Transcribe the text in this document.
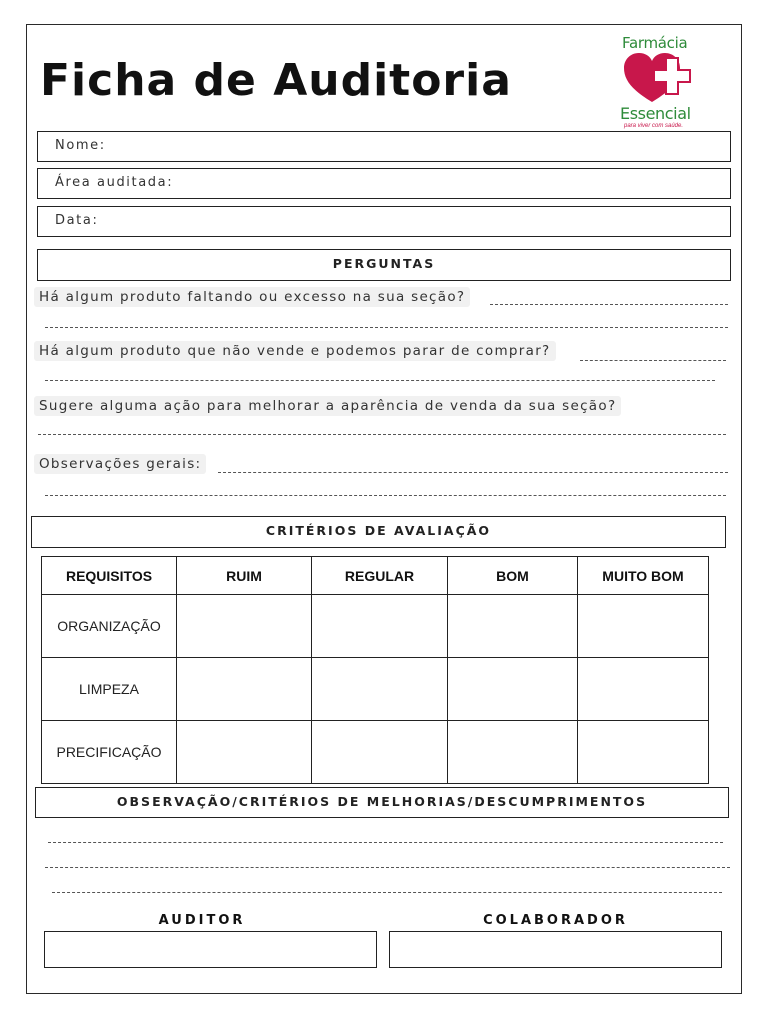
Ficha de Auditoria
Farmácia
Essencial
para viver com saúde.
Nome:
Área auditada:
Data:
PERGUNTAS
Há algum produto faltando ou excesso na sua seção?
Há algum produto que não vende e podemos parar de comprar?
Sugere alguma ação para melhorar a aparência de venda da sua seção?
Observações gerais:
CRITÉRIOS DE AVALIAÇÃO
REQUISITOS	RUIM	REGULAR	BOM	MUITO BOM
ORGANIZAÇÃO				
LIMPEZA				
PRECIFICAÇÃO				
OBSERVAÇÃO/CRITÉRIOS DE MELHORIAS/DESCUMPRIMENTOS
AUDITOR	COLABORADOR
